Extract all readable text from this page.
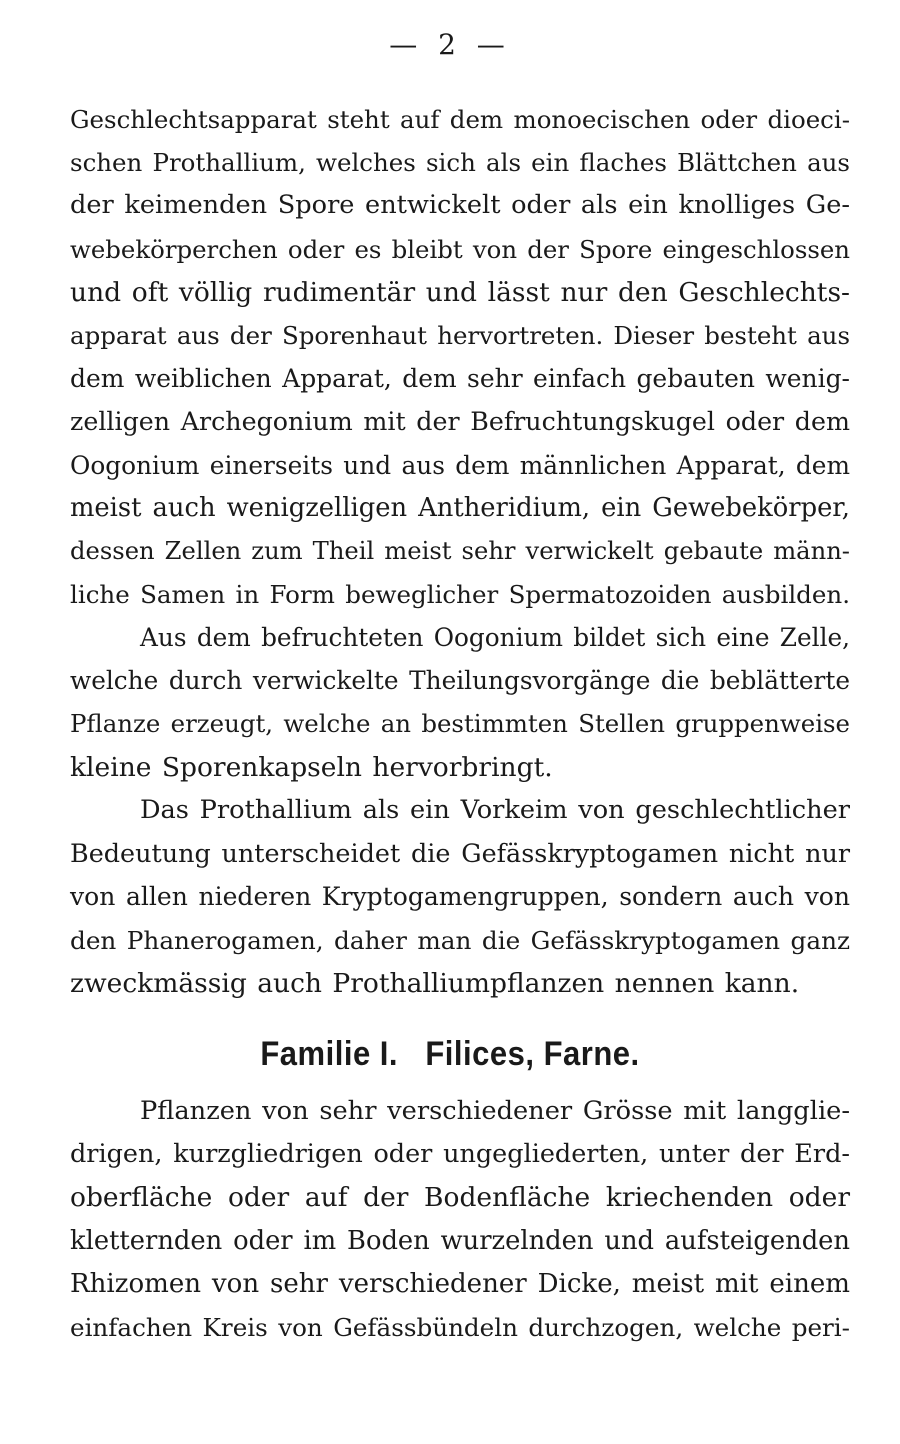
— 2 —
Geschlechtsapparat steht auf dem monoecischen oder dioeci-
schen Prothallium, welches sich als ein flaches Blättchen aus
der keimenden Spore entwickelt oder als ein knolliges Ge-
webekörperchen oder es bleibt von der Spore eingeschlossen
und oft völlig rudimentär und lässt nur den Geschlechts-
apparat aus der Sporenhaut hervortreten. Dieser besteht aus
dem weiblichen Apparat, dem sehr einfach gebauten wenig-
zelligen Archegonium mit der Befruchtungskugel oder dem
Oogonium einerseits und aus dem männlichen Apparat, dem
meist auch wenigzelligen Antheridium, ein Gewebekörper,
dessen Zellen zum Theil meist sehr verwickelt gebaute männ-
liche Samen in Form beweglicher Spermatozoiden ausbilden.
Aus dem befruchteten Oogonium bildet sich eine Zelle,
welche durch verwickelte Theilungsvorgänge die beblätterte
Pflanze erzeugt, welche an bestimmten Stellen gruppenweise
kleine Sporenkapseln hervorbringt.
Das Prothallium als ein Vorkeim von geschlechtlicher
Bedeutung unterscheidet die Gefässkryptogamen nicht nur
von allen niederen Kryptogamengruppen, sondern auch von
den Phanerogamen, daher man die Gefässkryptogamen ganz
zweckmässig auch Prothalliumpflanzen nennen kann.
Familie I.   Filices, Farne.
Pflanzen von sehr verschiedener Grösse mit langglie-
drigen, kurzgliedrigen oder ungegliederten, unter der Erd-
oberfläche oder auf der Bodenfläche kriechenden oder
kletternden oder im Boden wurzelnden und aufsteigenden
Rhizomen von sehr verschiedener Dicke, meist mit einem
einfachen Kreis von Gefässbündeln durchzogen, welche peri-
